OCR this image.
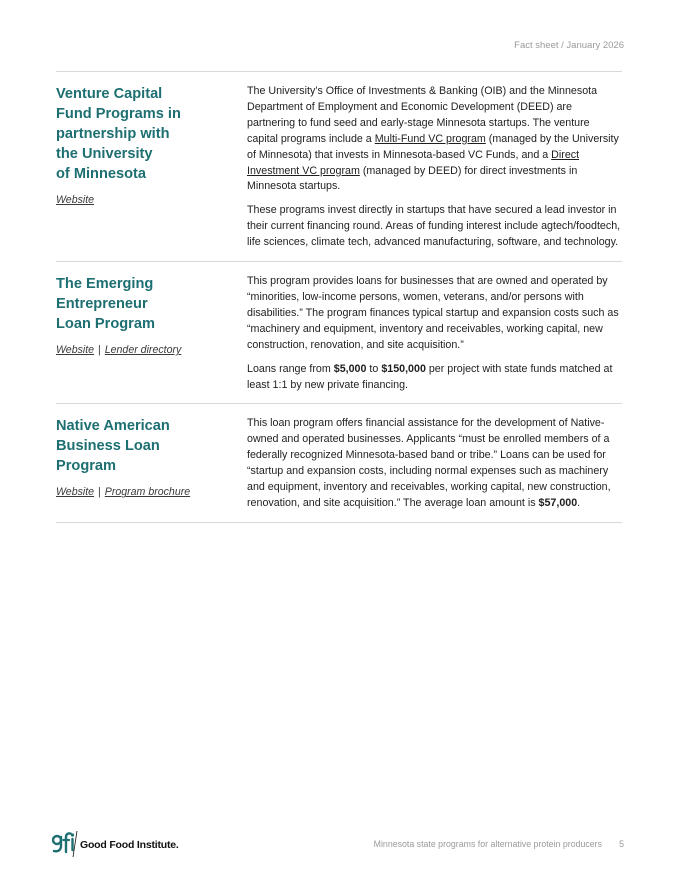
Fact sheet / January 2026
Venture Capital
Fund Programs in
partnership with
the University
of Minnesota
Website

The University’s Office of Investments & Banking (OIB) and the Minnesota Department of Employment and Economic Development (DEED) are partnering to fund seed and early-stage Minnesota startups. The venture capital programs include a Multi-Fund VC program (managed by the University of Minnesota) that invests in Minnesota-based VC Funds, and a Direct Investment VC program (managed by DEED) for direct investments in Minnesota startups.

These programs invest directly in startups that have secured a lead investor in their current financing round. Areas of funding interest include agtech/foodtech, life sciences, climate tech, advanced manufacturing, software, and technology.

The Emerging
Entrepreneur
Loan Program
Website | Lender directory

This program provides loans for businesses that are owned and operated by “minorities, low-income persons, women, veterans, and/or persons with disabilities.” The program finances typical startup and expansion costs such as “machinery and equipment, inventory and receivables, working capital, new construction, renovation, and site acquisition.”

Loans range from $5,000 to $150,000 per project with state funds matched at least 1:1 by new private financing.

Native American
Business Loan
Program
Website | Program brochure

This loan program offers financial assistance for the development of Native-owned and operated businesses. Applicants “must be enrolled members of a federally recognized Minnesota-based band or tribe.” Loans can be used for “startup and expansion costs, including normal expenses such as machinery and equipment, inventory and receivables, working capital, new construction, renovation, and site acquisition.” The average loan amount is $57,000.

Good Food Institute.	Minnesota state programs for alternative protein producers 5
